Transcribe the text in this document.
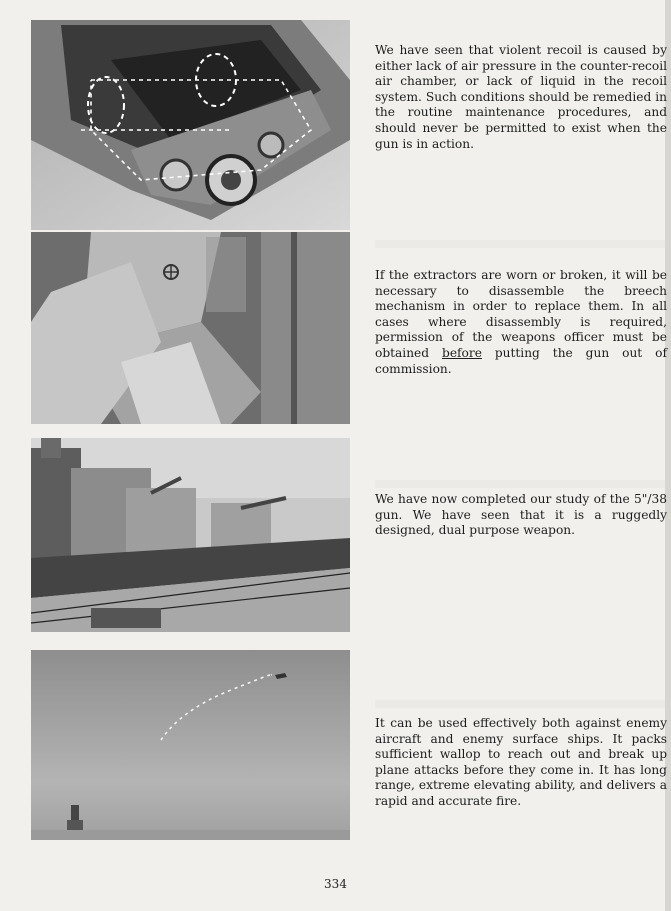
We have seen that violent recoil is caused by either lack of air pressure in the counter-recoil air chamber, or lack of liquid in the recoil system. Such conditions should be remedied in the routine maintenance procedures, and should never be permitted to exist when the gun is in action.

If the extractors are worn or broken, it will be necessary to disassemble the breech mechanism in order to replace them. In all cases where disassembly is required, permission of the weapons officer must be obtained before putting the gun out of commission.

We have now completed our study of the 5"/38 gun. We have seen that it is a ruggedly designed, dual purpose weapon.

It can be used effectively both against enemy aircraft and enemy surface ships. It packs sufficient wallop to reach out and break up plane attacks before they come in. It has long range, extreme elevating ability, and delivers a rapid and accurate fire.

334
